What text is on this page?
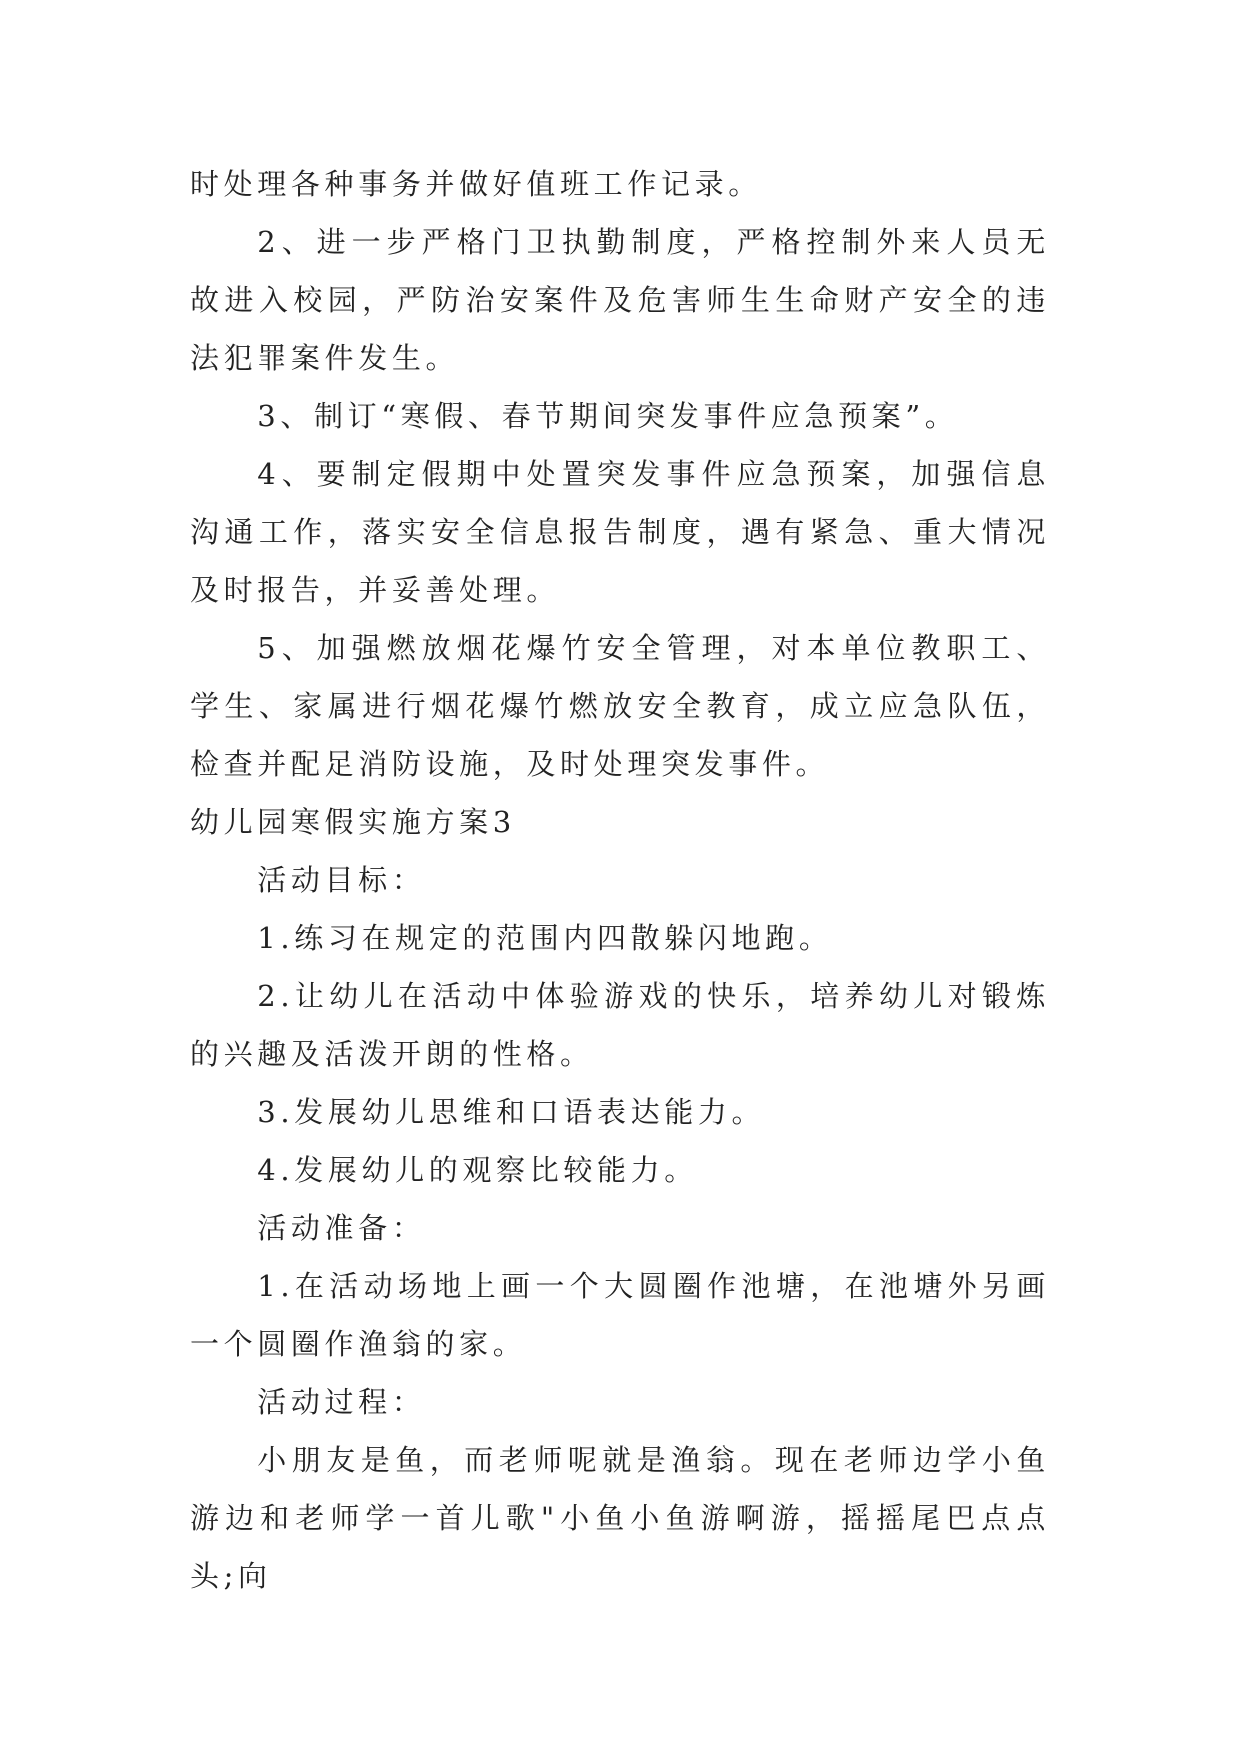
时处理各种事务并做好值班工作记录。

2、进一步严格门卫执勤制度，严格控制外来人员无故进入校园，严防治安案件及危害师生生命财产安全的违法犯罪案件发生。

3、制订“寒假、春节期间突发事件应急预案”。

4、要制定假期中处置突发事件应急预案，加强信息沟通工作，落实安全信息报告制度，遇有紧急、重大情况及时报告，并妥善处理。

5、加强燃放烟花爆竹安全管理，对本单位教职工、学生、家属进行烟花爆竹燃放安全教育，成立应急队伍，检查并配足消防设施，及时处理突发事件。

幼儿园寒假实施方案3

活动目标：

1.练习在规定的范围内四散躲闪地跑。

2.让幼儿在活动中体验游戏的快乐，培养幼儿对锻炼的兴趣及活泼开朗的性格。

3.发展幼儿思维和口语表达能力。

4.发展幼儿的观察比较能力。

活动准备：

1.在活动场地上画一个大圆圈作池塘，在池塘外另画一个圆圈作渔翁的家。

活动过程：

小朋友是鱼，而老师呢就是渔翁。现在老师边学小鱼游边和老师学一首儿歌"小鱼小鱼游啊游，摇摇尾巴点点头;向
